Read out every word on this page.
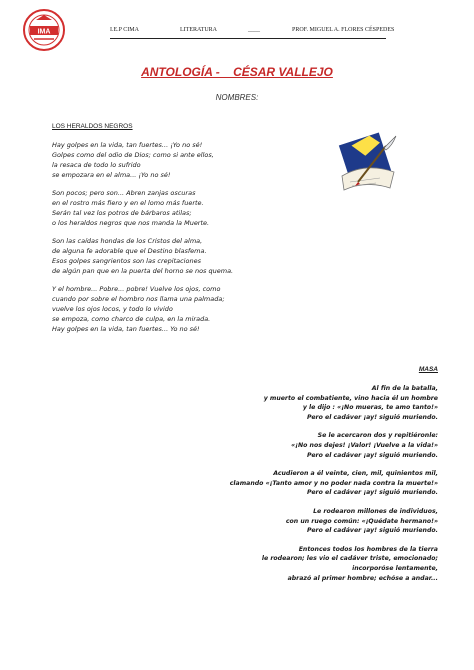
IMA	I.E.P CIMA	LITERATURA	____	PROF. MIGUEL A. FLORES CÉSPEDES
ANTOLOGÍA -    CÉSAR VALLEJO
NOMBRES:
LOS HERALDOS NEGROS
Hay golpes en la vida, tan fuertes... ¡Yo no sé!
Golpes como del odio de Dios; como si ante ellos,
la resaca de todo lo sufrido
se empozara en el alma... ¡Yo no sé!
Son pocos; pero son... Abren zanjas oscuras
en el rostro más fiero y en el lomo más fuerte.
Serán tal vez los potros de bárbaros atilas;
o los heraldos negros que nos manda la Muerte.
Son las caídas hondas de los Cristos del alma,
de alguna fe adorable que el Destino blasfema.
Esos golpes sangrientos son las crepitaciones
de algún pan que en la puerta del horno se nos quema.
Y el hombre... Pobre... pobre! Vuelve los ojos, como
cuando por sobre el hombro nos llama una palmada;
vuelve los ojos locos, y todo lo vivido
se empoza, como charco de culpa, en la mirada.
Hay golpes en la vida, tan fuertes... Yo no sé!
MASA
Al fin de la batalla,
y muerto el combatiente, vino hacia él un hombre
y le dijo : «¡No mueras, te amo tanto!»
Pero el cadáver ¡ay! siguió muriendo.
Se le acercaron dos y repitiéronle:
«¡No nos dejes! ¡Valor! ¡Vuelve a la vida!»
Pero el cadáver ¡ay! siguió muriendo.
Acudieron a él veinte, cien, mil, quinientos mil,
clamando «¡Tanto amor y no poder nada contra la muerte!»
Pero el cadáver ¡ay! siguió muriendo.
Le rodearon millones de individuos,
con un ruego común: «¡Quédate hermano!»
Pero el cadáver ¡ay! siguió muriendo.
Entonces todos los hombres de la tierra
le rodearon; les vio el cadáver triste, emocionado;
incorporóse lentamente,
abrazó al primer hombre; echóse a andar...
